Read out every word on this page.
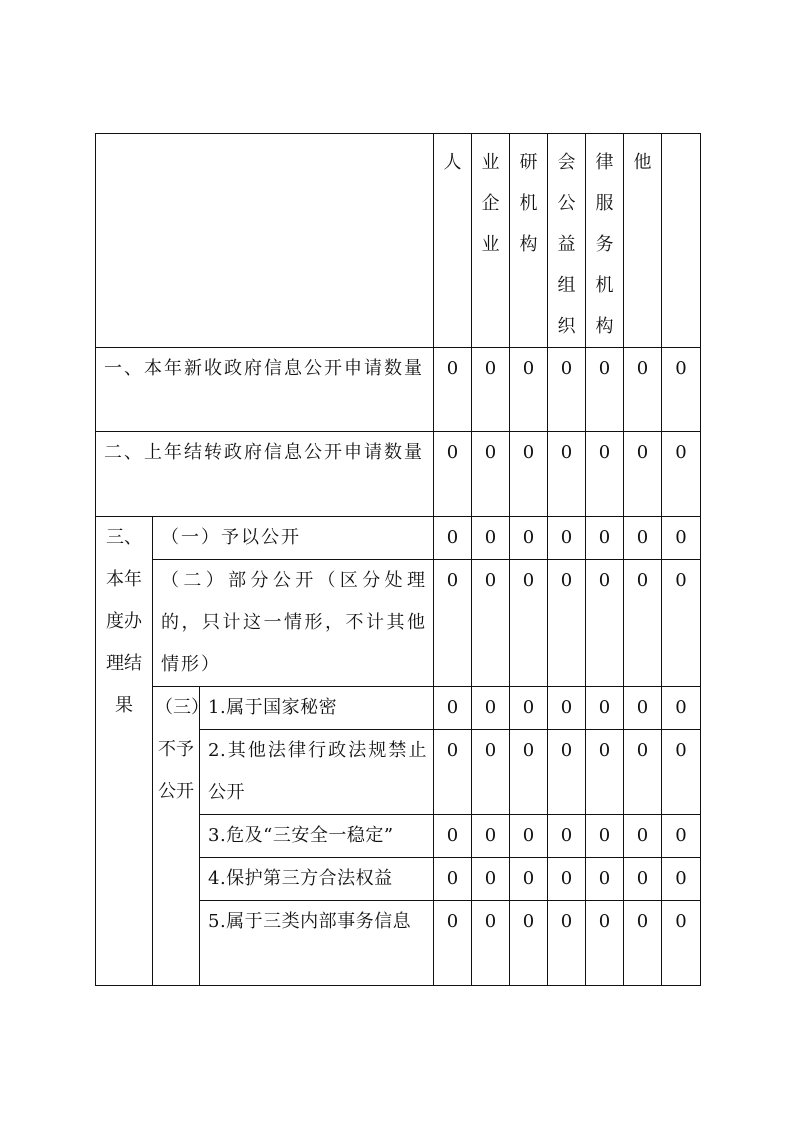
			人	业企业	研机构	会公益组织	律服务机构	他	

一、本年新收政府信息公开申请数量			0	0	0	0	0	0	0
二、上年结转政府信息公开申请数量			0	0	0	0	0	0	0
三、本年度办理结果	（一）予以公开		0	0	0	0	0	0	0
	（二）部分公开（区分处理的，只计这一情形，不计其他情形）		0	0	0	0	0	0	0
	（三）不予公开	1.属于国家秘密	0	0	0	0	0	0	0
		2.其他法律行政法规禁止公开	0	0	0	0	0	0	0
		3.危及“三安全一稳定”	0	0	0	0	0	0	0
		4.保护第三方合法权益	0	0	0	0	0	0	0
		5.属于三类内部事务信息	0	0	0	0	0	0	0
